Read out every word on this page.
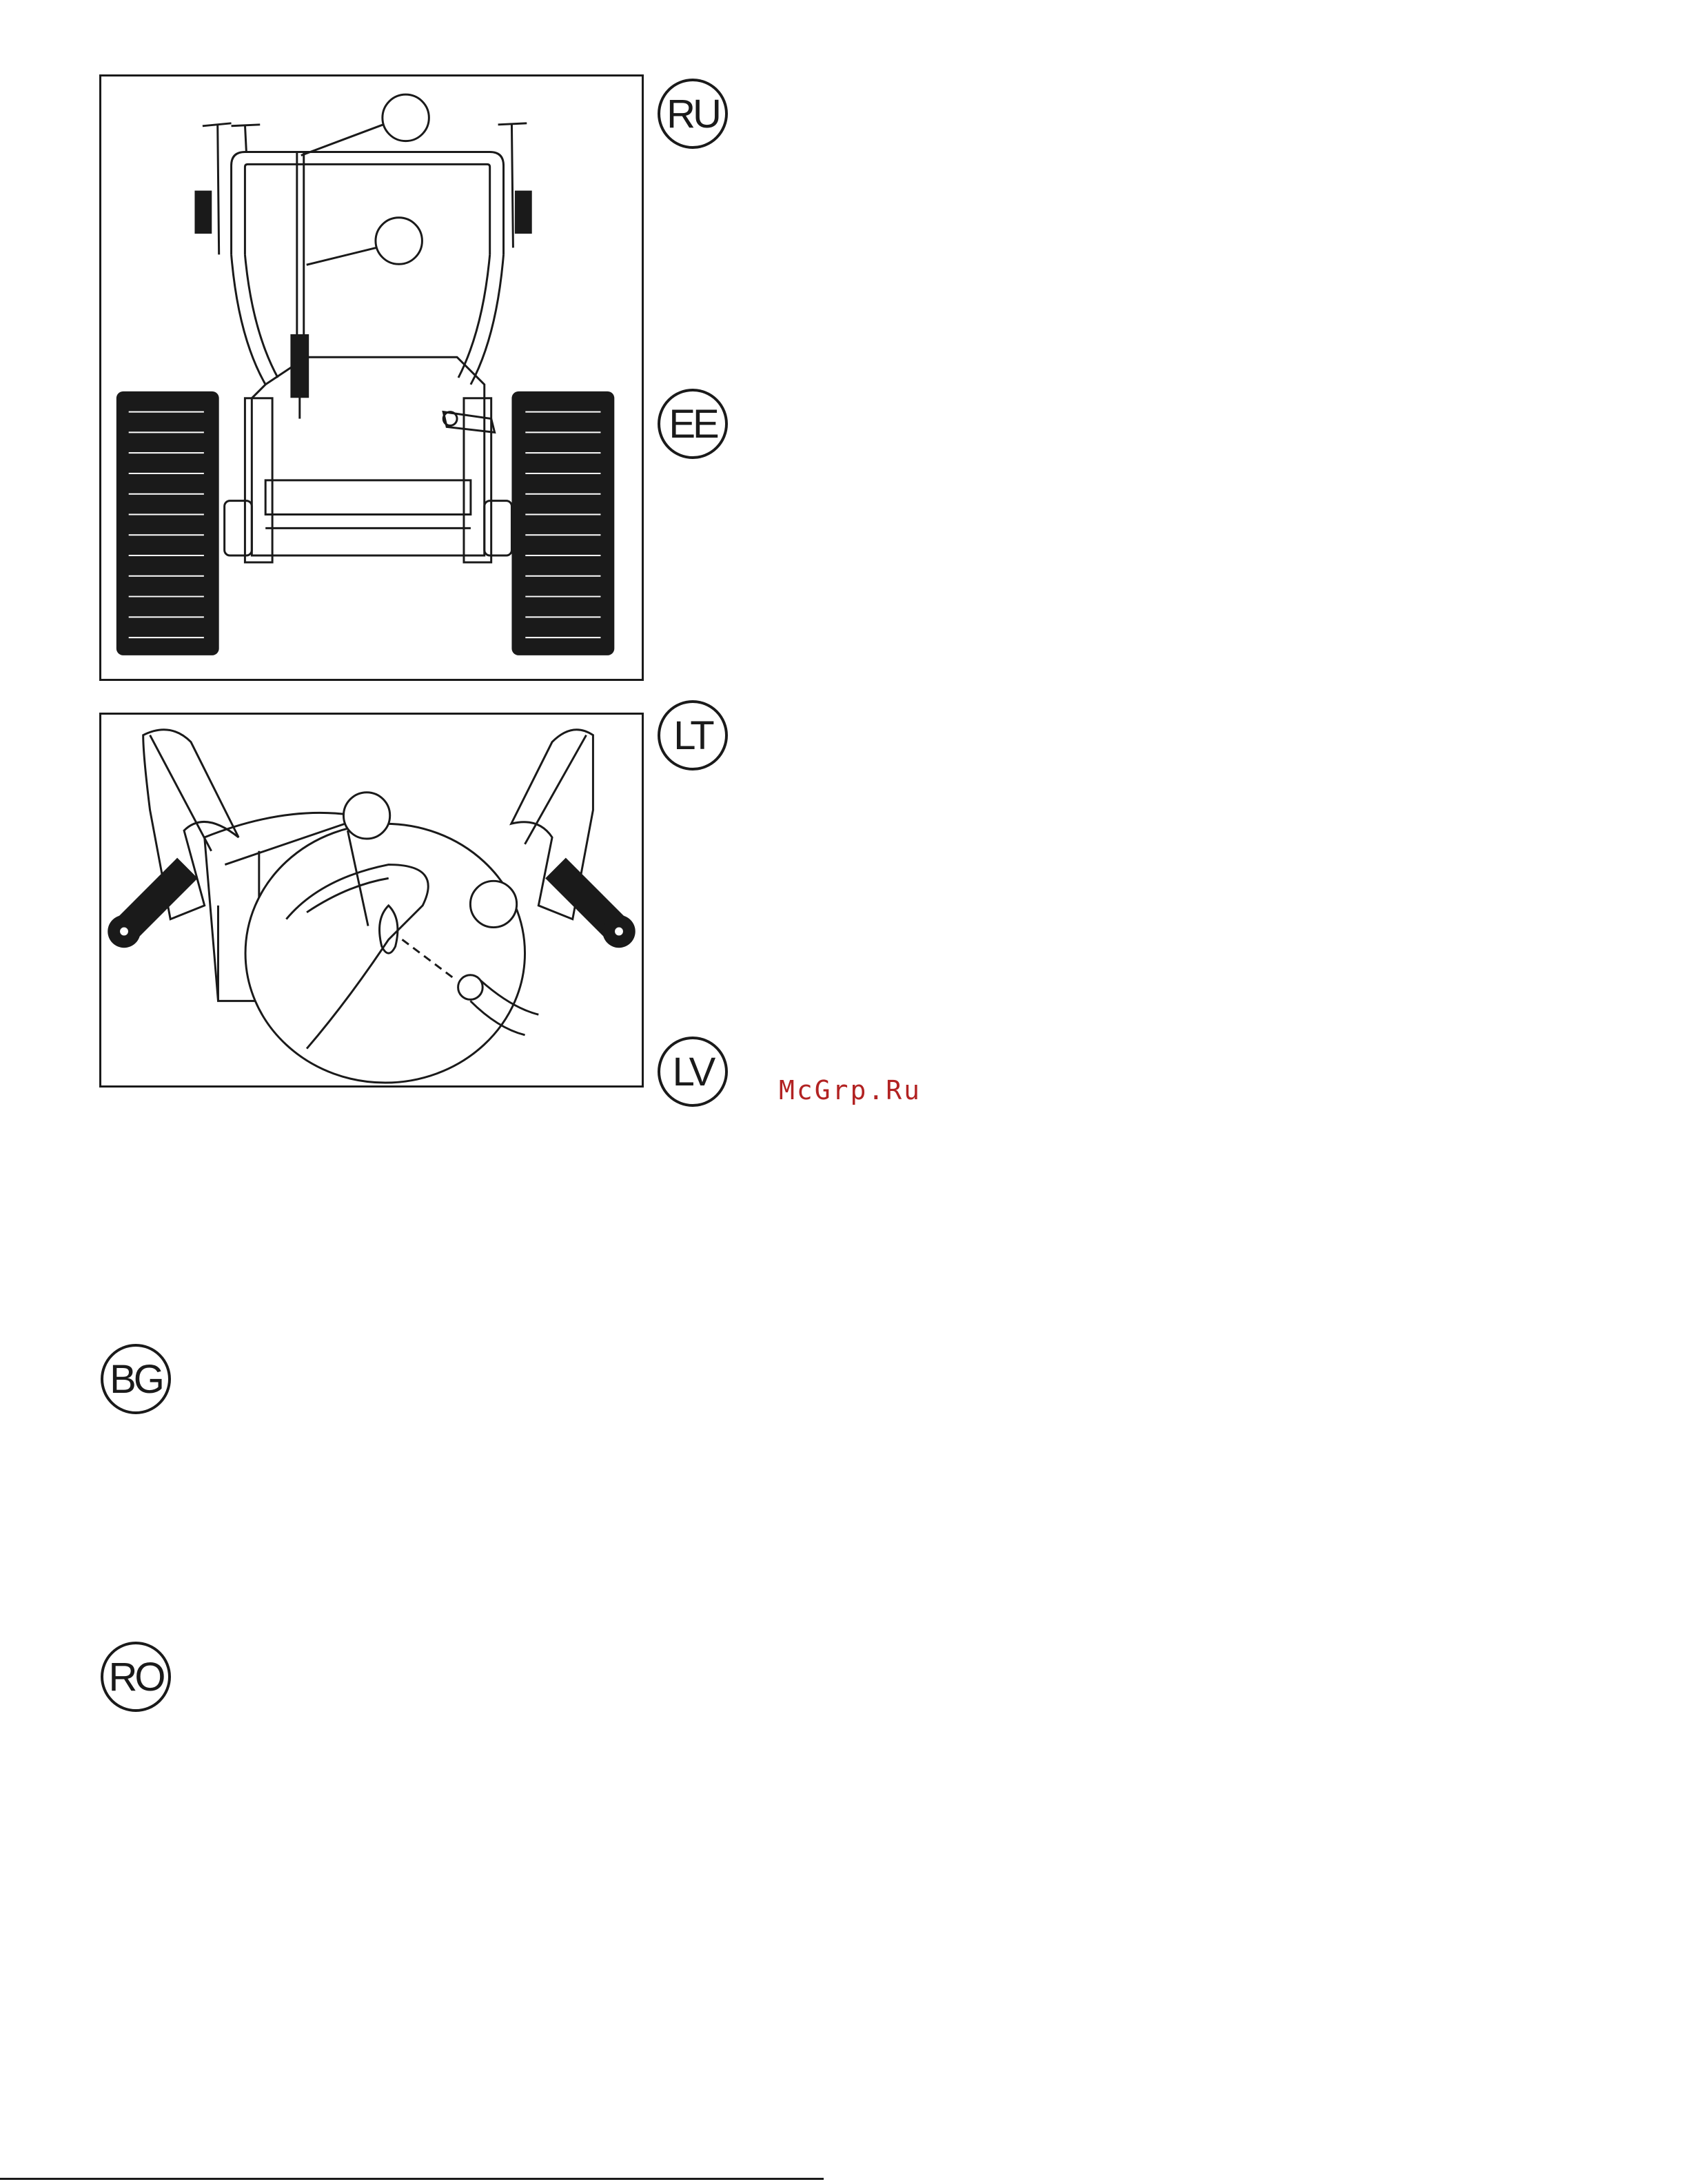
RU
EE
LT
LV
BG
RO
McGrp.Ru
